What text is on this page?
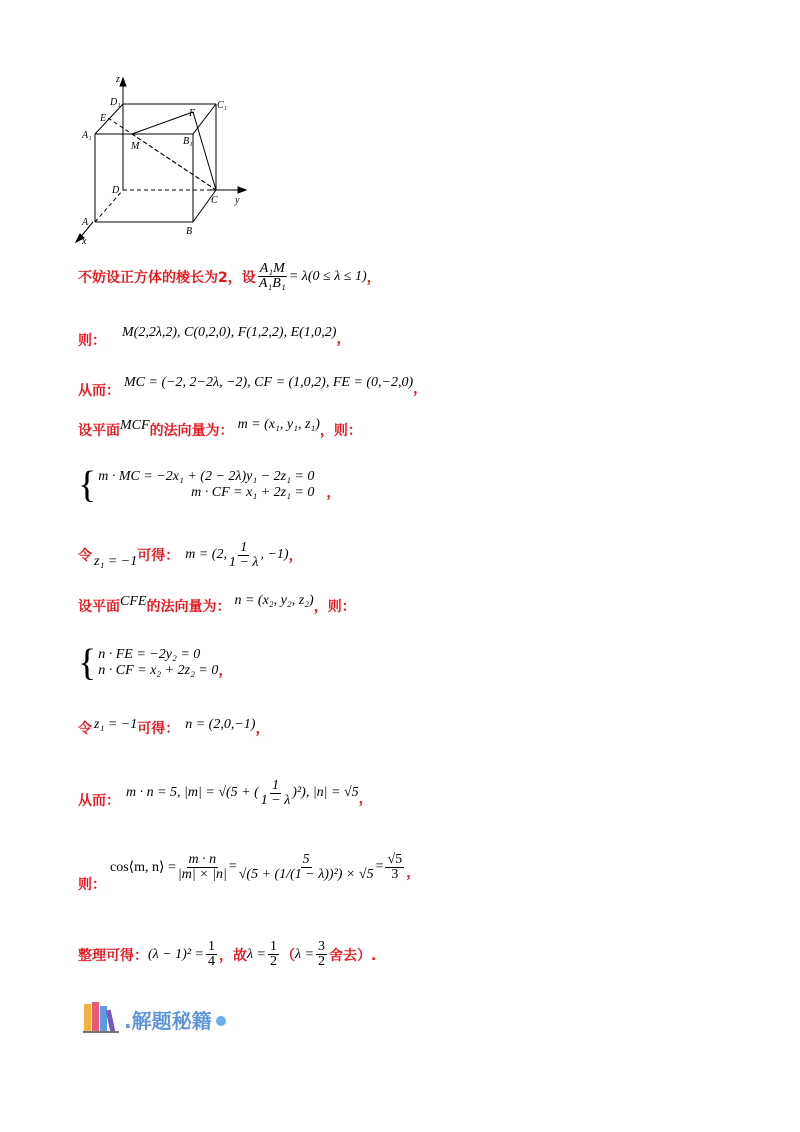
z
y
x
D₁	C₁
E	F
A₁
B₁
M
D
C
A
B
不妨设正方体的棱长为2，设 $\frac{\text{A₁M}}{\text{A₁B₁}} = \lambda(0 \le \lambda \le 1)$ ，
则：
M(2,2λ,2), C(0,2,0), F(1,2,2), E(1,0,2) ，
从而：
MC = (−2, 2−2λ, −2), CF = (1,0,2), FE = (0,−2,0) ，
设平面 MCF 的法向量为： m = (x₁, y₁, z₁) ，则：
{ m · MC = −2x₁ + (2 − 2λ)y₁ − 2z₁ = 0
m · CF = x₁ + 2z₁ = 0 ，
令 z₁ = −1 可得： m = (2, $\frac{1}{1 - \lambda}$ , −1) ，
设平面 CFE 的法向量为： n = (x₂, y₂, z₂) ，则：
{ n · FE = −2y₂ = 0
n · CF = x₂ + 2z₂ = 0 ，
令 z₁ = −1 可得： n = (2,0,−1) ，
从而：
m · n = 5, |m| = √(5 + ( $\frac{1}{1 - \lambda} )^2$), |n| = √5 ，
则：
cos⟨m, n⟩ = $\frac{m \cdot n}{|m| \times |n|} = \frac{5}{\text{√(5 + (1/(1 − λ))²) × √5}} = \frac{√5}{3}$ ，
整理可得： $(\lambda - 1)^2 = \frac{1}{4}$ ，故 $\lambda = \frac{1}{2}$ （ $\lambda = \frac{3}{2}$ 舍去）.
.解题秘籍
